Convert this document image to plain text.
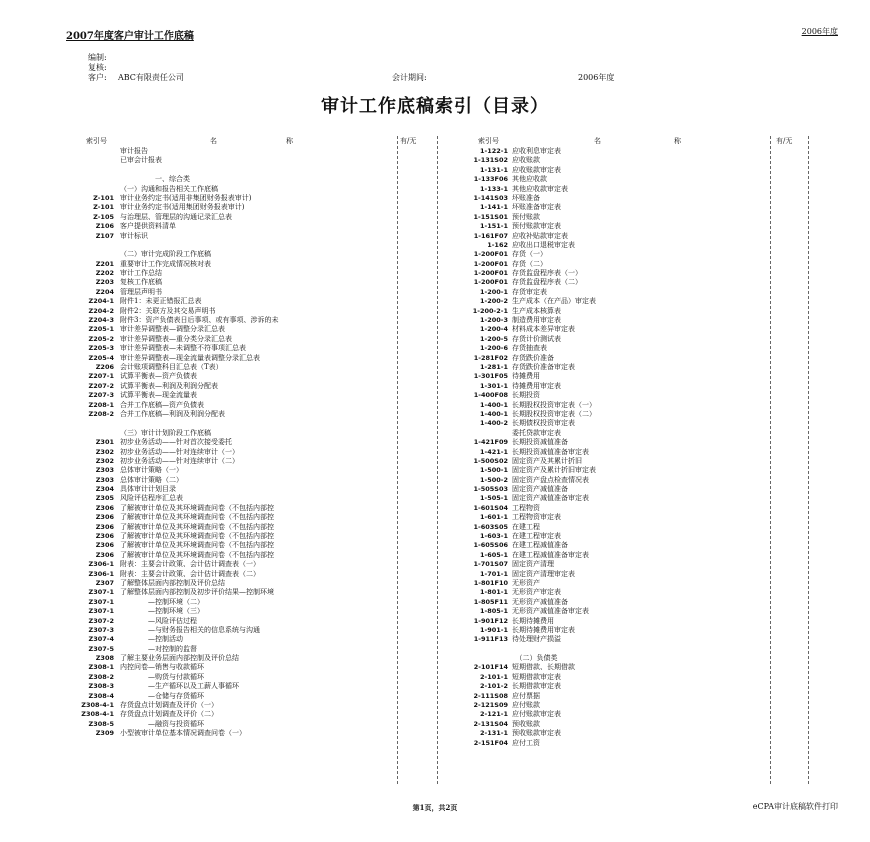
2007年度客户审计工作底稿	2006年度
编制:
复核:
客户: ABC有限责任公司	会计期间:	2006年度
审计工作底稿索引（目录）
索引号	名	称	有/无	索引号	名	称	有/无
审计报告
已审会计报表
　　　　　一、综合类
（一）沟通和报告相关工作底稿
Z-101 审计业务约定书(适用非集团财务报表审计)
Z-101 审计业务约定书(适用集团财务报表审计)
Z-105 与治理层、管理层的沟通记录汇总表
Z106 客户提供资料清单
Z107 审计标识
（二）审计完成阶段工作底稿
Z201 重要审计工作完成情况核对表
Z202 审计工作总结
Z203 复核工作底稿
Z204 管理层声明书
Z204-1 附件1：未更正错报汇总表
Z204-2 附件2：关联方及其交易声明书
Z204-3 附件3：资产负债表日后事项、或有事项、涉诉的未
Z205-1 审计差异调整表—调整分录汇总表
Z205-2 审计差异调整表—重分类分录汇总表
Z205-3 审计差异调整表—未调整不符事项汇总表
Z205-4 审计差异调整表—现金流量表调整分录汇总表
Z206 会计账项调整科目汇总表（T表）
Z207-1 试算平衡表—资产负债表
Z207-2 试算平衡表—利润及利润分配表
Z207-3 试算平衡表—现金流量表
Z208-1 合并工作底稿—资产负债表
Z208-2 合并工作底稿—利润及利润分配表
（三）审计计划阶段工作底稿
Z301 初步业务活动——针对首次接受委托
Z302 初步业务活动——针对连续审计（一）
Z302 初步业务活动——针对连续审计（二）
Z303 总体审计策略（一）
Z303 总体审计策略（二）
Z304 具体审计计划目录
Z305 风险评估程序汇总表
Z306 了解被审计单位及其环境调查问卷（不包括内部控
Z306 了解被审计单位及其环境调查问卷（不包括内部控
Z306 了解被审计单位及其环境调查问卷（不包括内部控
Z306 了解被审计单位及其环境调查问卷（不包括内部控
Z306 了解被审计单位及其环境调查问卷（不包括内部控
Z306 了解被审计单位及其环境调查问卷（不包括内部控
Z306-1 附表：主要会计政策、会计估计调查表（一）
Z306-1 附表：主要会计政策、会计估计调查表（二）
Z307 了解整体层面内部控制及评价总结
Z307-1 了解整体层面内部控制及初步评价结果—控制环境
Z307-1 　　　　—控制环境（二）
Z307-1 　　　　—控制环境（三）
Z307-2 　　　　—风险评估过程
Z307-3 　　　　—与财务报告相关的信息系统与沟通
Z307-4 　　　　—控制活动
Z307-5 　　　　—对控制的监督
Z308 了解主要业务层面内部控制及评价总结
Z308-1 内控问卷—销售与收款循环
Z308-2 　　　　—购货与付款循环
Z308-3 　　　　—生产循环以及工薪人事循环
Z308-4 　　　　—仓储与存货循环
Z308-4-1 存货盘点计划调查及评价（一）
Z308-4-1 存货盘点计划调查及评价（二）
Z308-5 　　　　—融资与投资循环
Z309 小型被审计单位基本情况调查问卷（一）
1-122-1 应收利息审定表
1-131S02 应收账款
1-131-1 应收账款审定表
1-133F06 其他应收款
1-133-1 其他应收款审定表
1-141S03 坏账准备
1-141-1 坏账准备审定表
1-151S01 预付账款
1-151-1 预付账款审定表
1-161F07 应收补贴款审定表
1-162 应收出口退税审定表
1-200F01 存货（一）
1-200F01 存货（二）
1-200F01 存货监盘程序表（一）
1-200F01 存货监盘程序表（二）
1-200-1 存货审定表
1-200-2 生产成本（在产品）审定表
1-200-2-1 生产成本核算表
1-200-3 制造费用审定表
1-200-4 材料成本差异审定表
1-200-5 存货计价测试表
1-200-6 存货抽查表
1-281F02 存货跌价准备
1-281-1 存货跌价准备审定表
1-301F05 待摊费用
1-301-1 待摊费用审定表
1-400F08 长期投资
1-400-1 长期股权投资审定表（一）
1-400-1 长期股权投资审定表（二）
1-400-2 长期债权投资审定表
委托贷款审定表
1-421F09 长期投资减值准备
1-421-1 长期投资减值准备审定表
1-500S02 固定资产及其累计折旧
1-500-1 固定资产及累计折旧审定表
1-500-2 固定资产盘点检查情况表
1-505S03 固定资产减值准备
1-505-1 固定资产减值准备审定表
1-601S04 工程物资
1-601-1 工程物资审定表
1-603S05 在建工程
1-603-1 在建工程审定表
1-605S06 在建工程减值准备
1-605-1 在建工程减值准备审定表
1-701S07 固定资产清理
1-701-1 固定资产清理审定表
1-801F10 无形资产
1-801-1 无形资产审定表
1-805F11 无形资产减值准备
1-805-1 无形资产减值准备审定表
1-901F12 长期待摊费用
1-901-1 长期待摊费用审定表
1-911F13 待处理财产损溢
　（二）负债类
2-101F14 短期借款、长期借款
2-101-1 短期借款审定表
2-101-2 长期借款审定表
2-111S08 应付票据
2-121S09 应付账款
2-121-1 应付账款审定表
2-131S04 预收账款
2-131-1 预收账款审定表
2-151F04 应付工资
第1页，共2页	eCPA审计底稿软件打印
